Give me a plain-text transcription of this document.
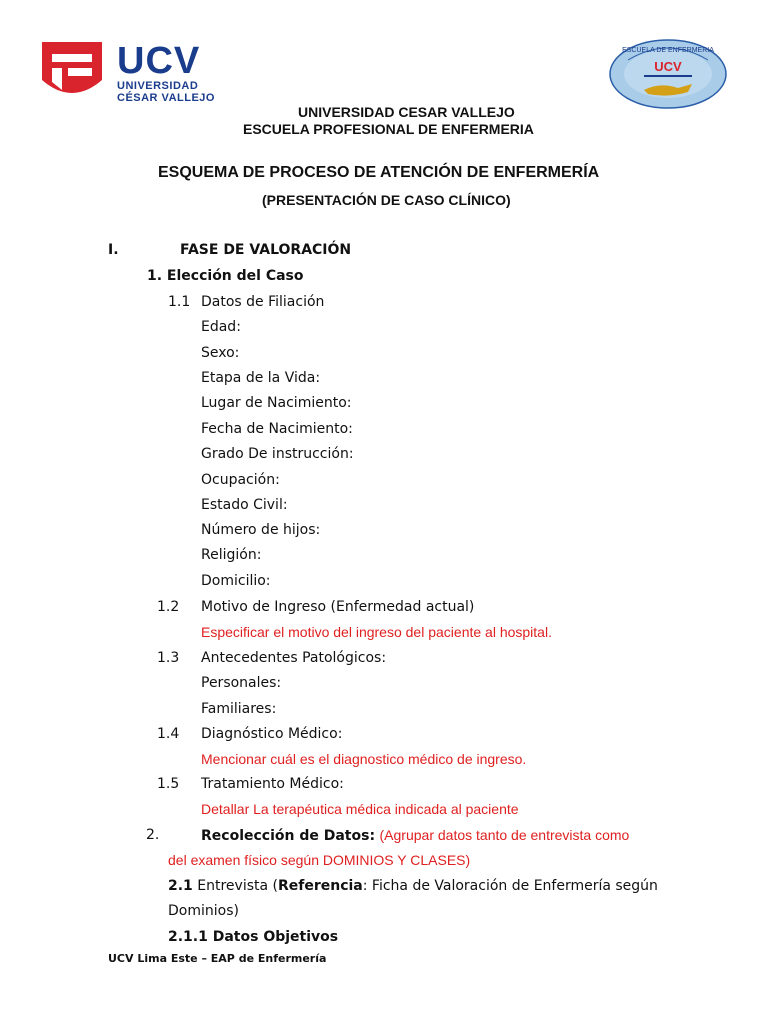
UCV
UNIVERSIDAD
CÉSAR VALLEJO
ESCUELA DE ENFERMERIA
UCV
UNIVERSIDAD CESAR VALLEJO
ESCUELA PROFESIONAL DE ENFERMERIA
ESQUEMA DE PROCESO DE ATENCIÓN DE ENFERMERÍA
(PRESENTACIÓN DE CASO CLÍNICO)
I.	FASE DE VALORACIÓN
1. Elección del Caso
1.1 Datos de Filiación
Edad:
Sexo:
Etapa de la Vida:
Lugar de Nacimiento:
Fecha de Nacimiento:
Grado De instrucción:
Ocupación:
Estado Civil:
Número de hijos:
Religión:
Domicilio:
1.2 Motivo de Ingreso (Enfermedad actual)
Especificar el motivo del ingreso del paciente al hospital.
1.3 Antecedentes Patológicos:
Personales:
Familiares:
1.4 Diagnóstico Médico:
Mencionar cuál es el diagnostico médico de ingreso.
1.5 Tratamiento Médico:
Detallar La terapéutica médica indicada al paciente
2.	Recolección de Datos: (Agrupar datos tanto de entrevista como
del examen físico según DOMINIOS Y CLASES)
2.1 Entrevista (Referencia: Ficha de Valoración de Enfermería según
Dominios)
2.1.1 Datos Objetivos
UCV Lima Este – EAP de Enfermería
